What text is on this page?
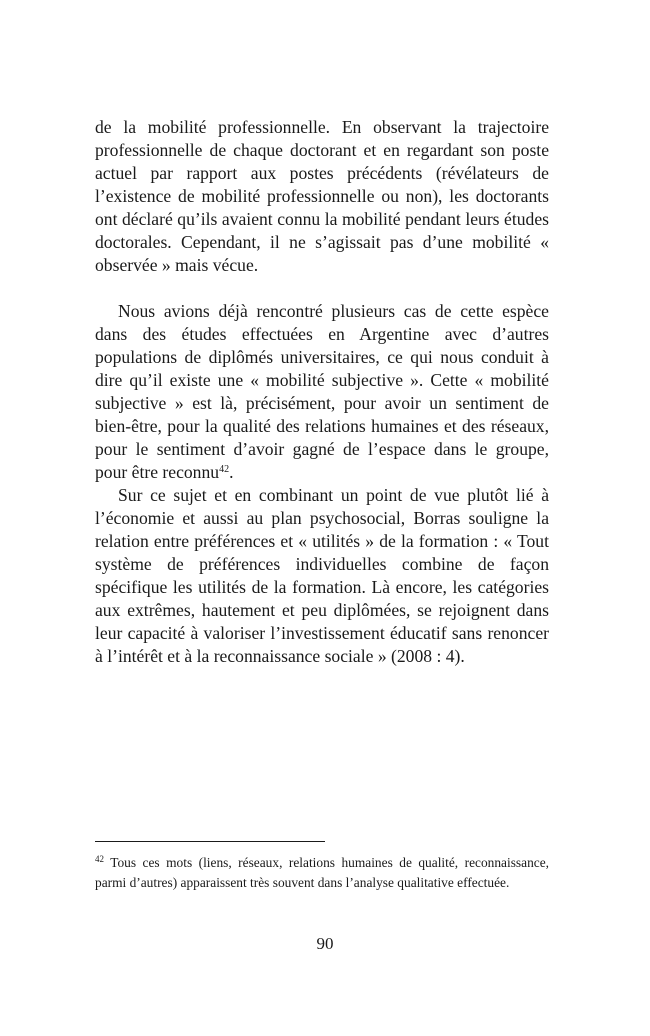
de la mobilité professionnelle. En observant la trajectoire professionnelle de chaque doctorant et en regardant son poste actuel par rapport aux postes précédents (révélateurs de l’existence de mobilité professionnelle ou non), les doctorants ont déclaré qu’ils avaient connu la mobilité pendant leurs études doctorales. Cependant, il ne s’agissait pas d’une mobilité « observée » mais vécue.

Nous avions déjà rencontré plusieurs cas de cette espèce dans des études effectuées en Argentine avec d’autres populations de diplômés universitaires, ce qui nous conduit à dire qu’il existe une « mobilité subjective ». Cette « mobilité subjective » est là, précisément, pour avoir un sentiment de bien-être, pour la qualité des relations humaines et des réseaux, pour le sentiment d’avoir gagné de l’espace dans le groupe, pour être reconnu$^{42}$.

Sur ce sujet et en combinant un point de vue plutôt lié à l’économie et aussi au plan psychosocial, Borras souligne la relation entre préférences et « utilités » de la formation : « Tout système de préférences individuelles combine de façon spécifique les utilités de la formation. Là encore, les catégories aux extrêmes, hautement et peu diplômées, se rejoignent dans leur capacité à valoriser l’investissement éducatif sans renoncer à l’intérêt et à la reconnaissance sociale » (2008 : 4).

$^{42}$ Tous ces mots (liens, réseaux, relations humaines de qualité, reconnaissance, parmi d’autres) apparaissent très souvent dans l’analyse qualitative effectuée.

90
